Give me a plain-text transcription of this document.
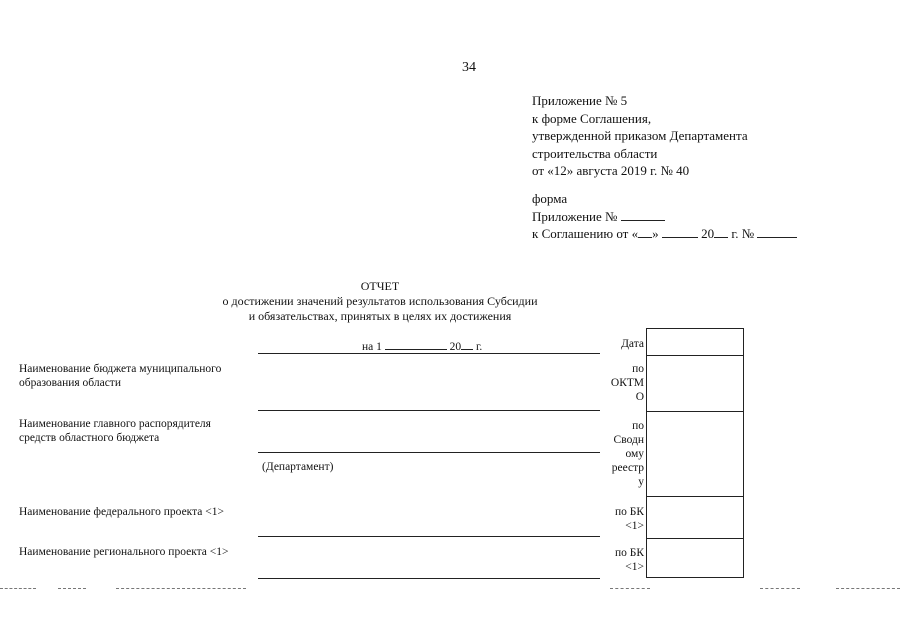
34
Приложение № 5
к форме Соглашения,
утвержденной приказом Департамента
строительства области
от «12» августа 2019 г. № 40
форма
Приложение №
к Соглашению от « »	20 г. №
ОТЧЕТ
о достижении значений результатов использования Субсидии
и обязательствах, принятых в целях их достижения
на 1	20 г.
Наименование бюджета муниципального
образования области
Наименование главного распорядителя
средств областного бюджета
(Департамент)
Наименование федерального проекта <1>
Наименование регионального проекта <1>
Дата
по
ОКТМ
О
по
Сводн
ому
реестр
у
по БК
<1>
по БК
<1>
